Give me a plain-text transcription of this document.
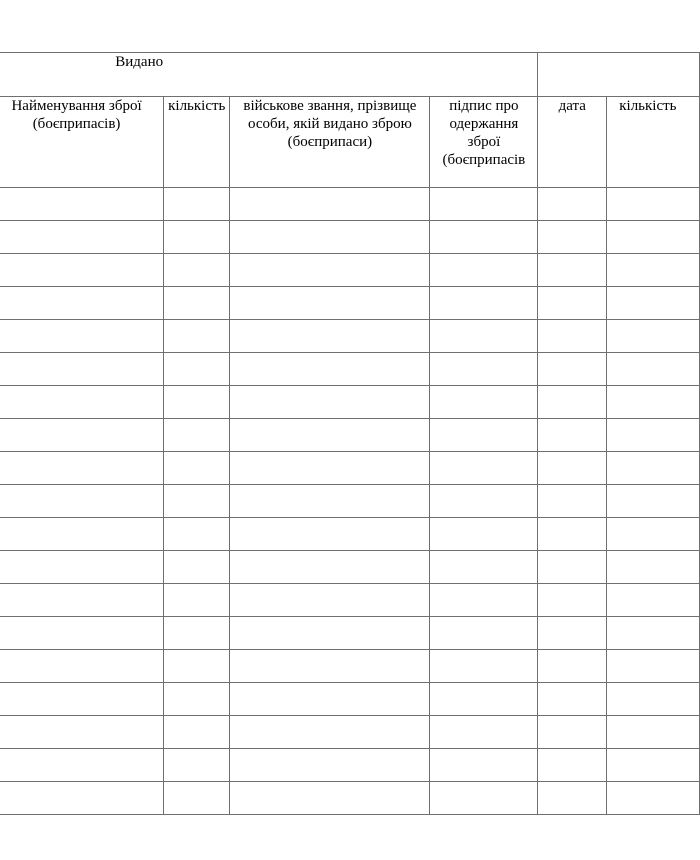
Видано					
Найменування зброї (боєприпасів)	кількість	військове звання, прізвище особи, якій видано зброю (боєприпаси)	підпис про одержання зброї (боєприпасів	дата	кількість
